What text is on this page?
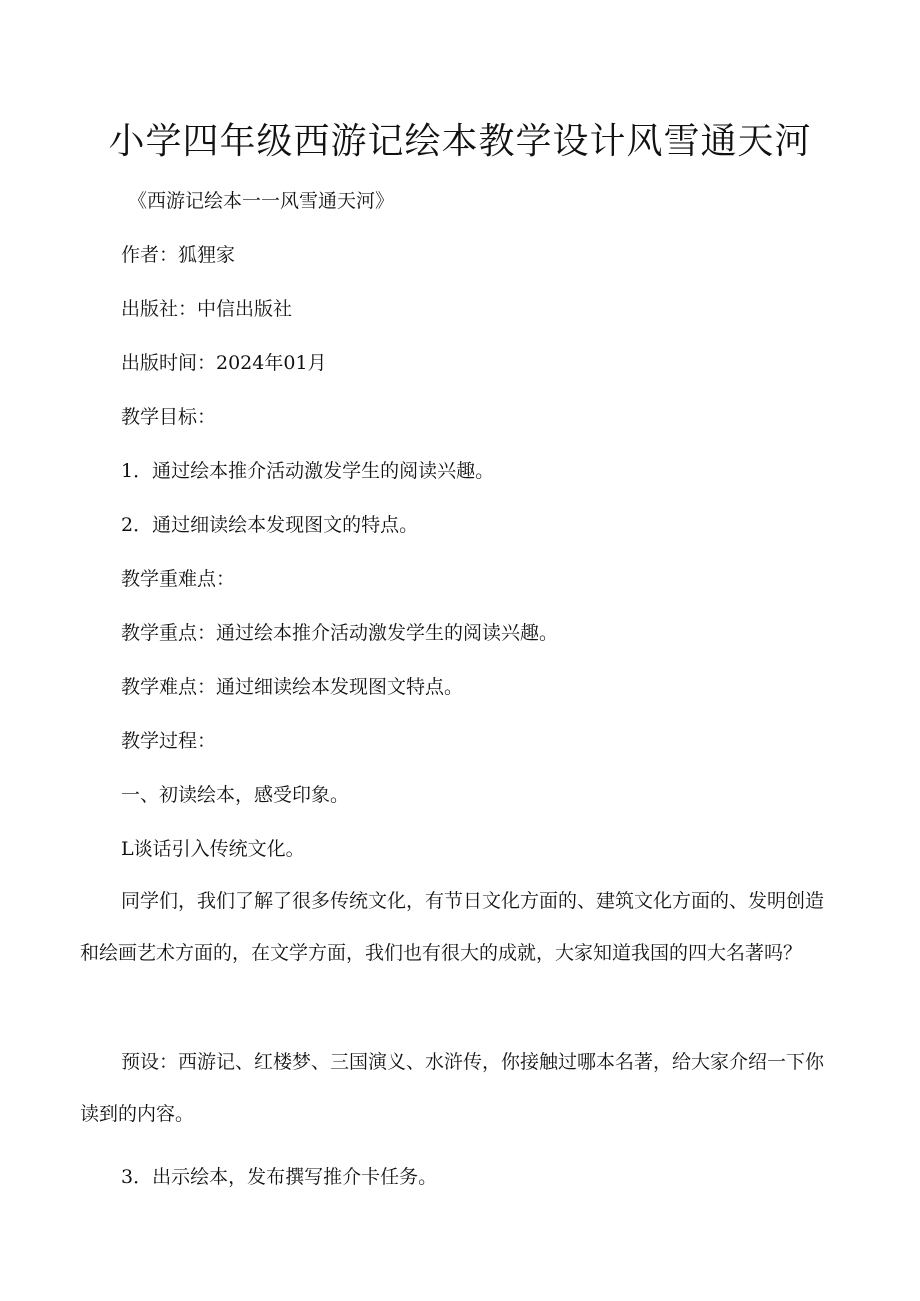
小学四年级西游记绘本教学设计风雪通天河

《西游记绘本一一风雪通天河》

作者：狐狸家

出版社：中信出版社

出版时间：2024年01月

教学目标：

1．通过绘本推介活动激发学生的阅读兴趣。

2．通过细读绘本发现图文的特点。

教学重难点：

教学重点：通过绘本推介活动激发学生的阅读兴趣。

教学难点：通过细读绘本发现图文特点。

教学过程：

一、初读绘本，感受印象。

L谈话引入传统文化。

同学们，我们了解了很多传统文化，有节日文化方面的、建筑文化方面的、发明创造和绘画艺术方面的，在文学方面，我们也有很大的成就，大家知道我国的四大名著吗？

预设：西游记、红楼梦、三国演义、水浒传，你接触过哪本名著，给大家介绍一下你读到的内容。

3．出示绘本，发布撰写推介卡任务。
